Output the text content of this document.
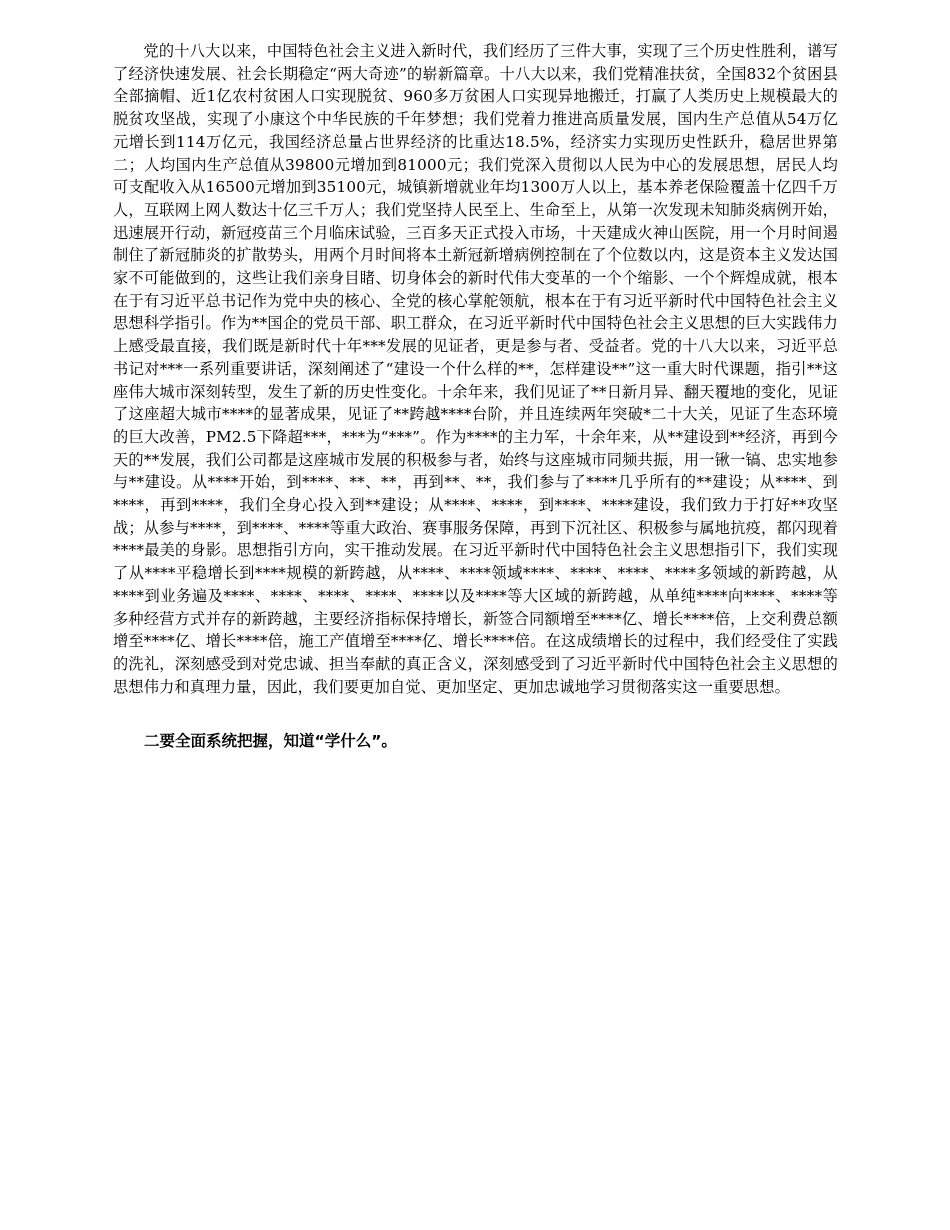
党的十八大以来，中国特色社会主义进入新时代，我们经历了三件大事，实现了三个历史性胜利，谱写了经济快速发展、社会长期稳定“两大奇迹”的崭新篇章。十八大以来，我们党精准扶贫，全国832个贫困县全部摘帽、近1亿农村贫困人口实现脱贫、960多万贫困人口实现异地搬迁，打赢了人类历史上规模最大的脱贫攻坚战，实现了小康这个中华民族的千年梦想；我们党着力推进高质量发展，国内生产总值从54万亿元增长到114万亿元，我国经济总量占世界经济的比重达18.5%，经济实力实现历史性跃升，稳居世界第二；人均国内生产总值从39800元增加到81000元；我们党深入贯彻以人民为中心的发展思想，居民人均可支配收入从16500元增加到35100元，城镇新增就业年均1300万人以上，基本养老保险覆盖十亿四千万人，互联网上网人数达十亿三千万人；我们党坚持人民至上、生命至上，从第一次发现未知肺炎病例开始，迅速展开行动，新冠疫苗三个月临床试验，三百多天正式投入市场，十天建成火神山医院，用一个月时间遏制住了新冠肺炎的扩散势头，用两个月时间将本土新冠新增病例控制在了个位数以内，这是资本主义发达国家不可能做到的，这些让我们亲身目睹、切身体会的新时代伟大变革的一个个缩影、一个个辉煌成就，根本在于有习近平总书记作为党中央的核心、全党的核心掌舵领航，根本在于有习近平新时代中国特色社会主义思想科学指引。作为**国企的党员干部、职工群众，在习近平新时代中国特色社会主义思想的巨大实践伟力上感受最直接，我们既是新时代十年***发展的见证者，更是参与者、受益者。党的十八大以来，习近平总书记对***一系列重要讲话，深刻阐述了“建设一个什么样的**，怎样建设**”这一重大时代课题，指引**这座伟大城市深刻转型，发生了新的历史性变化。十余年来，我们见证了**日新月异、翻天覆地的变化，见证了这座超大城市****的显著成果，见证了**跨越****台阶，并且连续两年突破*二十大关，见证了生态环境的巨大改善，PM2.5下降超***，***为“***”。作为****的主力军，十余年来，从**建设到**经济，再到今天的**发展，我们公司都是这座城市发展的积极参与者，始终与这座城市同频共振，用一锹一镐、忠实地参与**建设。从****开始，到****、**、**，再到**、**，我们参与了****几乎所有的**建设；从****、到****，再到****，我们全身心投入到**建设；从****、****，到****、****建设，我们致力于打好**攻坚战；从参与****，到****、****等重大政治、赛事服务保障，再到下沉社区、积极参与属地抗疫，都闪现着****最美的身影。思想指引方向，实干推动发展。在习近平新时代中国特色社会主义思想指引下，我们实现了从****平稳增长到****规模的新跨越，从****、****领域****、****、****、****多领域的新跨越，从****到业务遍及****、****、****、****、****以及****等大区域的新跨越，从单纯****向****、****等多种经营方式并存的新跨越，主要经济指标保持增长，新签合同额增至****亿、增长****倍，上交利费总额增至****亿、增长****倍，施工产值增至****亿、增长****倍。在这成绩增长的过程中，我们经受住了实践的洗礼，深刻感受到对党忠诚、担当奉献的真正含义，深刻感受到了习近平新时代中国特色社会主义思想的思想伟力和真理力量，因此，我们要更加自觉、更加坚定、更加忠诚地学习贯彻落实这一重要思想。

二要全面系统把握，知道“学什么”。
